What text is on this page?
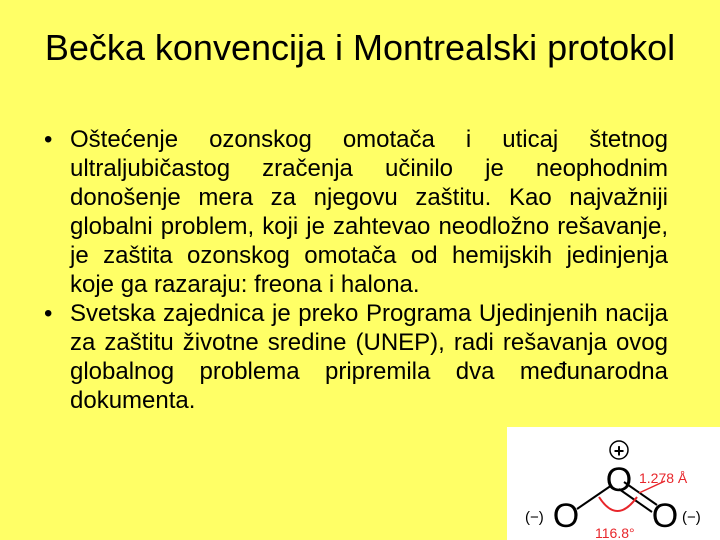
Bečka konvencija i Montrealski protokol
• Oštećenje ozonskog omotača i uticaj štetnog ultraljubičastog zračenja učinilo je neophodnim donošenje mera za njegovu zaštitu. Kao najvažniji globalni problem, koji je zahtevao neodložno rešavanje, je zaštita ozonskog omotača od hemijskih jedinjenja koje ga razaraju: freona i halona.
• Svetska zajednica je preko Programa Ujedinjenih nacija za zaštitu životne sredine (UNEP), radi rešavanja ovog globalnog problema pripremila dva međunarodna dokumenta.
O
O O
+
(−)	(−)
1.278 Å
116.8°
